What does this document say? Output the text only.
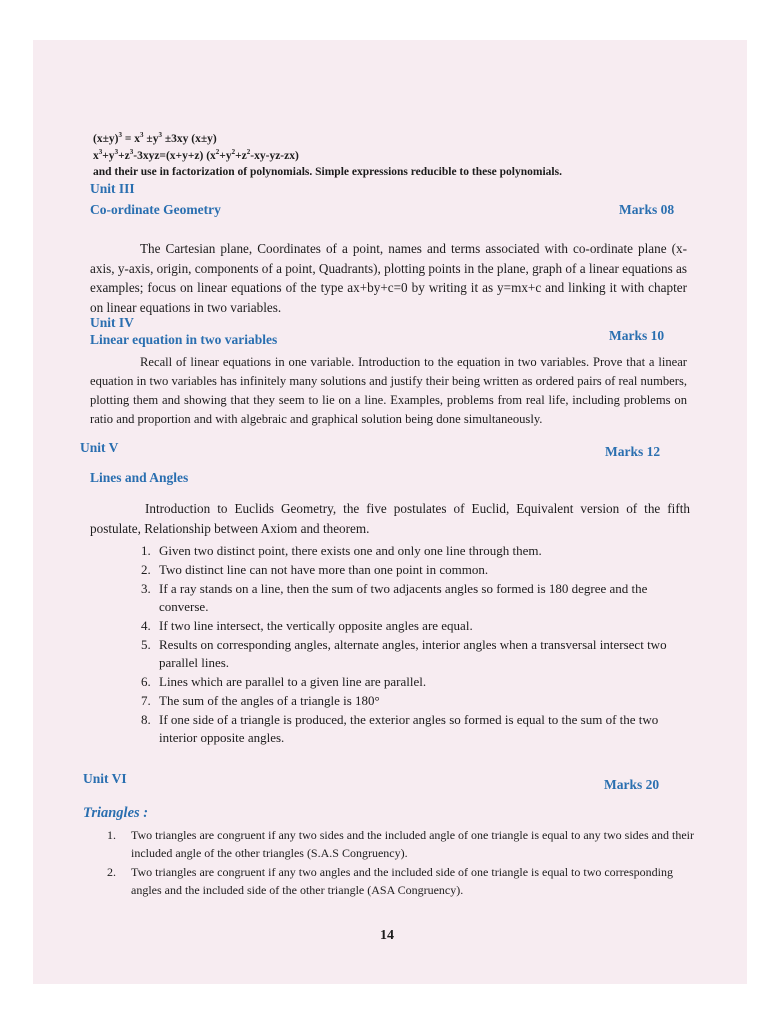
$(x\pm y)^3 = x^3 \pm y^3 \pm 3xy$ (x±y)
$x^3+y^3+z^3-3xyz=(x+y+z)$ $(x^2+y^2+z^2-xy-yz-zx)$
and their use in factorization of polynomials. Simple expressions reducible to these polynomials.
Unit III
Co-ordinate Geometry	Marks 08
The Cartesian plane, Coordinates of a point, names and terms associated with co-ordinate plane (x-axis, y-axis, origin, components of a point, Quadrants), plotting points in the plane, graph of a linear equations as examples; focus on linear equations of the type ax+by+c=0 by writing it as y=mx+c and linking it with chapter on linear equations in two variables.
Unit IV
Linear equation in two variables	Marks 10
Recall of linear equations in one variable. Introduction to the equation in two variables. Prove that a linear equation in two variables has infinitely many solutions and justify their being written as ordered pairs of real numbers, plotting them and showing that they seem to lie on a line. Examples, problems from real life, including problems on ratio and proportion and with algebraic and graphical solution being done simultaneously.
Unit V	Marks 12
Lines and Angles
Introduction to Euclids Geometry, the five postulates of Euclid, Equivalent version of the fifth postulate, Relationship between Axiom and theorem.
1. Given two distinct point, there exists one and only one line through them.
2. Two distinct line can not have more than one point in common.
3. If a ray stands on a line, then the sum of two adjacents angles so formed is 180 degree and the converse.
4. If two line intersect, the vertically opposite angles are equal.
5. Results on corresponding angles, alternate angles, interior angles when a transversal intersect two parallel lines.
6. Lines which are parallel to a given line are parallel.
7. The sum of the angles of a triangle is 180°
8. If one side of a triangle is produced, the exterior angles so formed is equal to the sum of the two interior opposite angles.
Unit VI	Marks 20
Triangles :
1. Two triangles are congruent if any two sides and the included angle of one triangle is equal to any two sides and their included angle of the other triangles (S.A.S Congruency).
2. Two triangles are congruent if any two angles and the included side of one triangle is equal to two corresponding angles and the included side of the other triangle (ASA Congruency).
14
